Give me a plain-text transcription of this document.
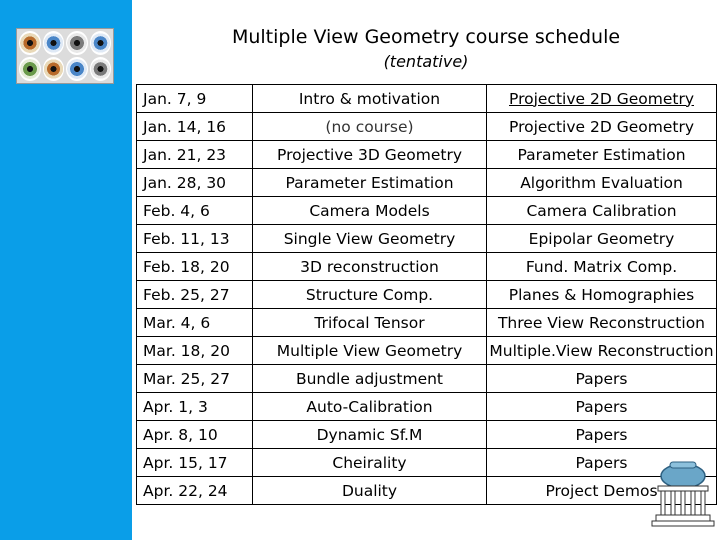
Multiple View Geometry course schedule
(tentative)
Jan. 7, 9	Intro & motivation	Projective 2D Geometry
Jan. 14, 16	(no course)	Projective 2D Geometry
Jan. 21, 23	Projective 3D Geometry	Parameter Estimation
Jan. 28, 30	Parameter Estimation	Algorithm Evaluation
Feb. 4, 6	Camera Models	Camera Calibration
Feb. 11, 13	Single View Geometry	Epipolar Geometry
Feb. 18, 20	3D reconstruction	Fund. Matrix Comp.
Feb. 25, 27	Structure Comp.	Planes & Homographies
Mar. 4, 6	Trifocal Tensor	Three View Reconstruction
Mar. 18, 20	Multiple View Geometry	Multiple.View Reconstruction
Mar. 25, 27	Bundle adjustment	Papers
Apr. 1, 3	Auto-Calibration	Papers
Apr. 8, 10	Dynamic Sf.M	Papers
Apr. 15, 17	Cheirality	Papers
Apr. 22, 24	Duality	Project Demos
